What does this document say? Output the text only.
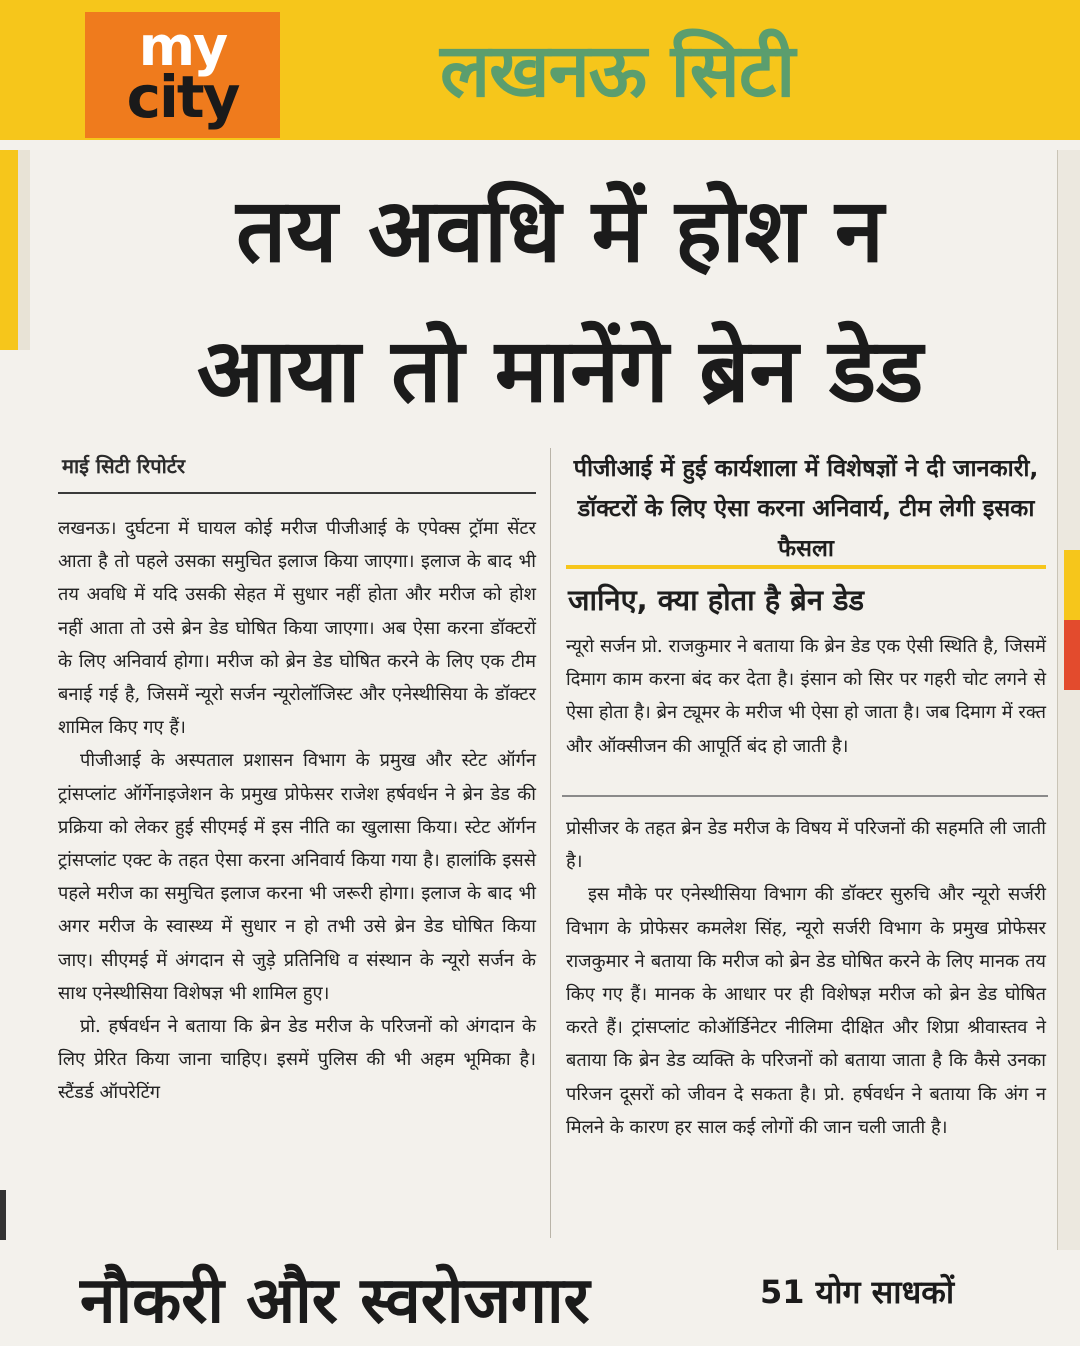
my
city	लखनऊ सिटी
तय अवधि में होश न
आया तो मानेंगे ब्रेन डेड
माई सिटी रिपोर्टर

लखनऊ। दुर्घटना में घायल कोई मरीज पीजीआई के एपेक्स ट्रॉमा सेंटर आता है तो पहले उसका समुचित इलाज किया जाएगा। इलाज के बाद भी तय अवधि में यदि उसकी सेहत में सुधार नहीं होता और मरीज को होश नहीं आता तो उसे ब्रेन डेड घोषित किया जाएगा। अब ऐसा करना डॉक्टरों के लिए अनिवार्य होगा। मरीज को ब्रेन डेड घोषित करने के लिए एक टीम बनाई गई है, जिसमें न्यूरो सर्जन न्यूरोलॉजिस्ट और एनेस्थीसिया के डॉक्टर शामिल किए गए हैं।

पीजीआई के अस्पताल प्रशासन विभाग के प्रमुख और स्टेट ऑर्गन ट्रांसप्लांट ऑर्गेनाइजेशन के प्रमुख प्रोफेसर राजेश हर्षवर्धन ने ब्रेन डेड की प्रक्रिया को लेकर हुई सीएमई में इस नीति का खुलासा किया। स्टेट ऑर्गन ट्रांसप्लांट एक्ट के तहत ऐसा करना अनिवार्य किया गया है। हालांकि इससे पहले मरीज का समुचित इलाज करना भी जरूरी होगा। इलाज के बाद भी अगर मरीज के स्वास्थ्य में सुधार न हो तभी उसे ब्रेन डेड घोषित किया जाए। सीएमई में अंगदान से जुड़े प्रतिनिधि व संस्थान के न्यूरो सर्जन के साथ एनेस्थीसिया विशेषज्ञ भी शामिल हुए।

प्रो. हर्षवर्धन ने बताया कि ब्रेन डेड मरीज के परिजनों को अंगदान के लिए प्रेरित किया जाना चाहिए। इसमें पुलिस की भी अहम भूमिका है। स्टैंडर्ड ऑपरेटिंग

पीजीआई में हुई कार्यशाला में विशेषज्ञों ने दी जानकारी, डॉक्टरों के लिए ऐसा करना अनिवार्य, टीम लेगी इसका फैसला
जानिए, क्या होता है ब्रेन डेड

न्यूरो सर्जन प्रो. राजकुमार ने बताया कि ब्रेन डेड एक ऐसी स्थिति है, जिसमें दिमाग काम करना बंद कर देता है। इंसान को सिर पर गहरी चोट लगने से ऐसा होता है। ब्रेन ट्यूमर के मरीज भी ऐसा हो जाता है। जब दिमाग में रक्त और ऑक्सीजन की आपूर्ति बंद हो जाती है।

प्रोसीजर के तहत ब्रेन डेड मरीज के विषय में परिजनों की सहमति ली जाती है।

इस मौके पर एनेस्थीसिया विभाग की डॉक्टर सुरुचि और न्यूरो सर्जरी विभाग के प्रोफेसर कमलेश सिंह, न्यूरो सर्जरी विभाग के प्रमुख प्रोफेसर राजकुमार ने बताया कि मरीज को ब्रेन डेड घोषित करने के लिए मानक तय किए गए हैं। मानक के आधार पर ही विशेषज्ञ मरीज को ब्रेन डेड घोषित करते हैं। ट्रांसप्लांट कोऑर्डिनेटर नीलिमा दीक्षित और शिप्रा श्रीवास्तव ने बताया कि ब्रेन डेड व्यक्ति के परिजनों को बताया जाता है कि कैसे उनका परिजन दूसरों को जीवन दे सकता है। प्रो. हर्षवर्धन ने बताया कि अंग न मिलने के कारण हर साल कई लोगों की जान चली जाती है।

नौकरी और स्वरोजगार	51 योग साधकों
